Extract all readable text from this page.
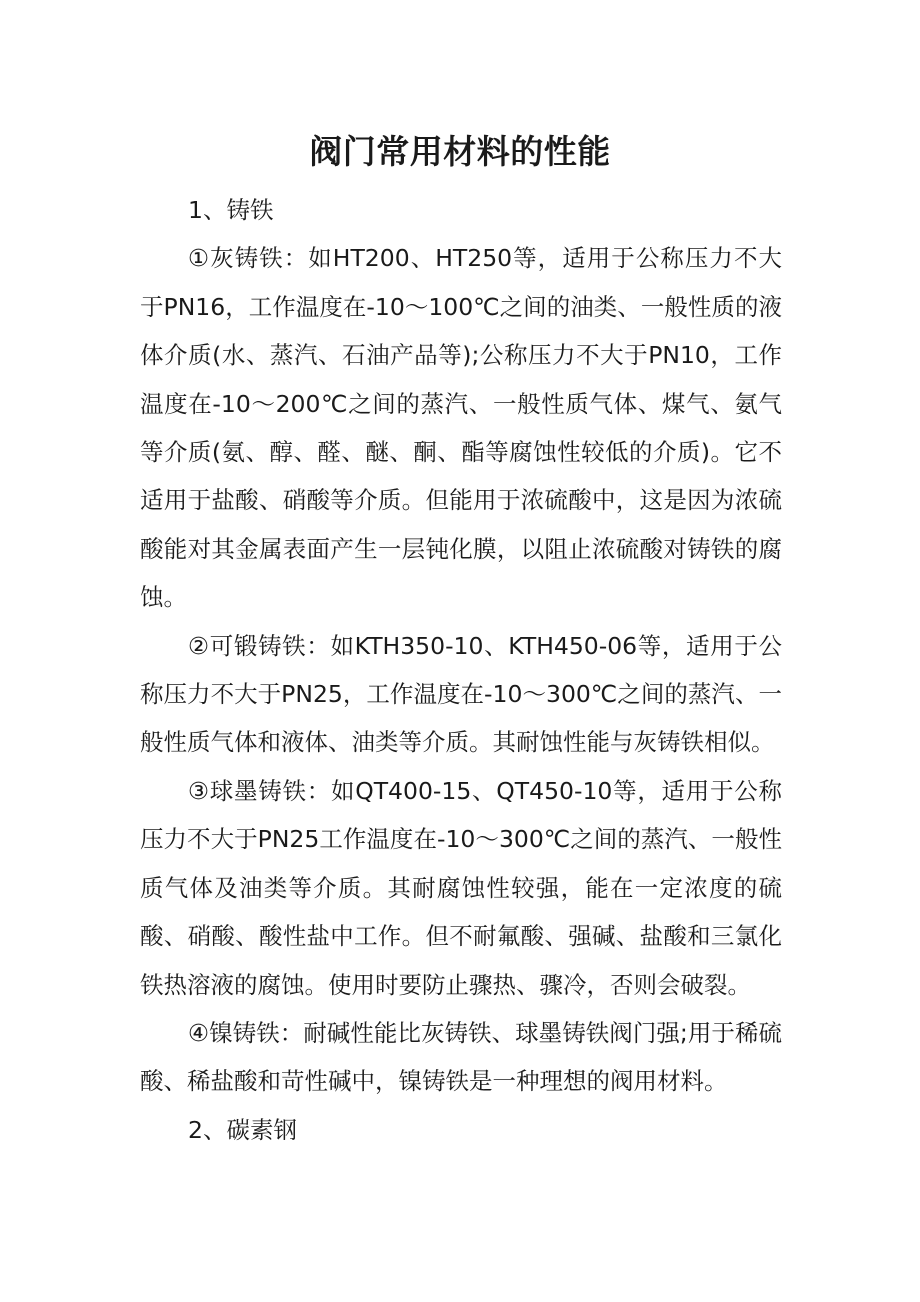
阀门常用材料的性能

1、铸铁

①灰铸铁：如HT200、HT250等，适用于公称压力不大于PN16，工作温度在-10～100℃之间的油类、一般性质的液体介质(水、蒸汽、石油产品等);公称压力不大于PN10，工作温度在-10～200℃之间的蒸汽、一般性质气体、煤气、氨气等介质(氨、醇、醛、醚、酮、酯等腐蚀性较低的介质)。它不适用于盐酸、硝酸等介质。但能用于浓硫酸中，这是因为浓硫酸能对其金属表面产生一层钝化膜，以阻止浓硫酸对铸铁的腐蚀。

②可锻铸铁：如KTH350-10、KTH450-06等，适用于公称压力不大于PN25，工作温度在-10～300℃之间的蒸汽、一般性质气体和液体、油类等介质。其耐蚀性能与灰铸铁相似。

③球墨铸铁：如QT400-15、QT450-10等，适用于公称压力不大于PN25工作温度在-10～300℃之间的蒸汽、一般性质气体及油类等介质。其耐腐蚀性较强，能在一定浓度的硫酸、硝酸、酸性盐中工作。但不耐氟酸、强碱、盐酸和三氯化铁热溶液的腐蚀。使用时要防止骤热、骤冷，否则会破裂。

④镍铸铁：耐碱性能比灰铸铁、球墨铸铁阀门强;用于稀硫酸、稀盐酸和苛性碱中，镍铸铁是一种理想的阀用材料。

2、碳素钢
